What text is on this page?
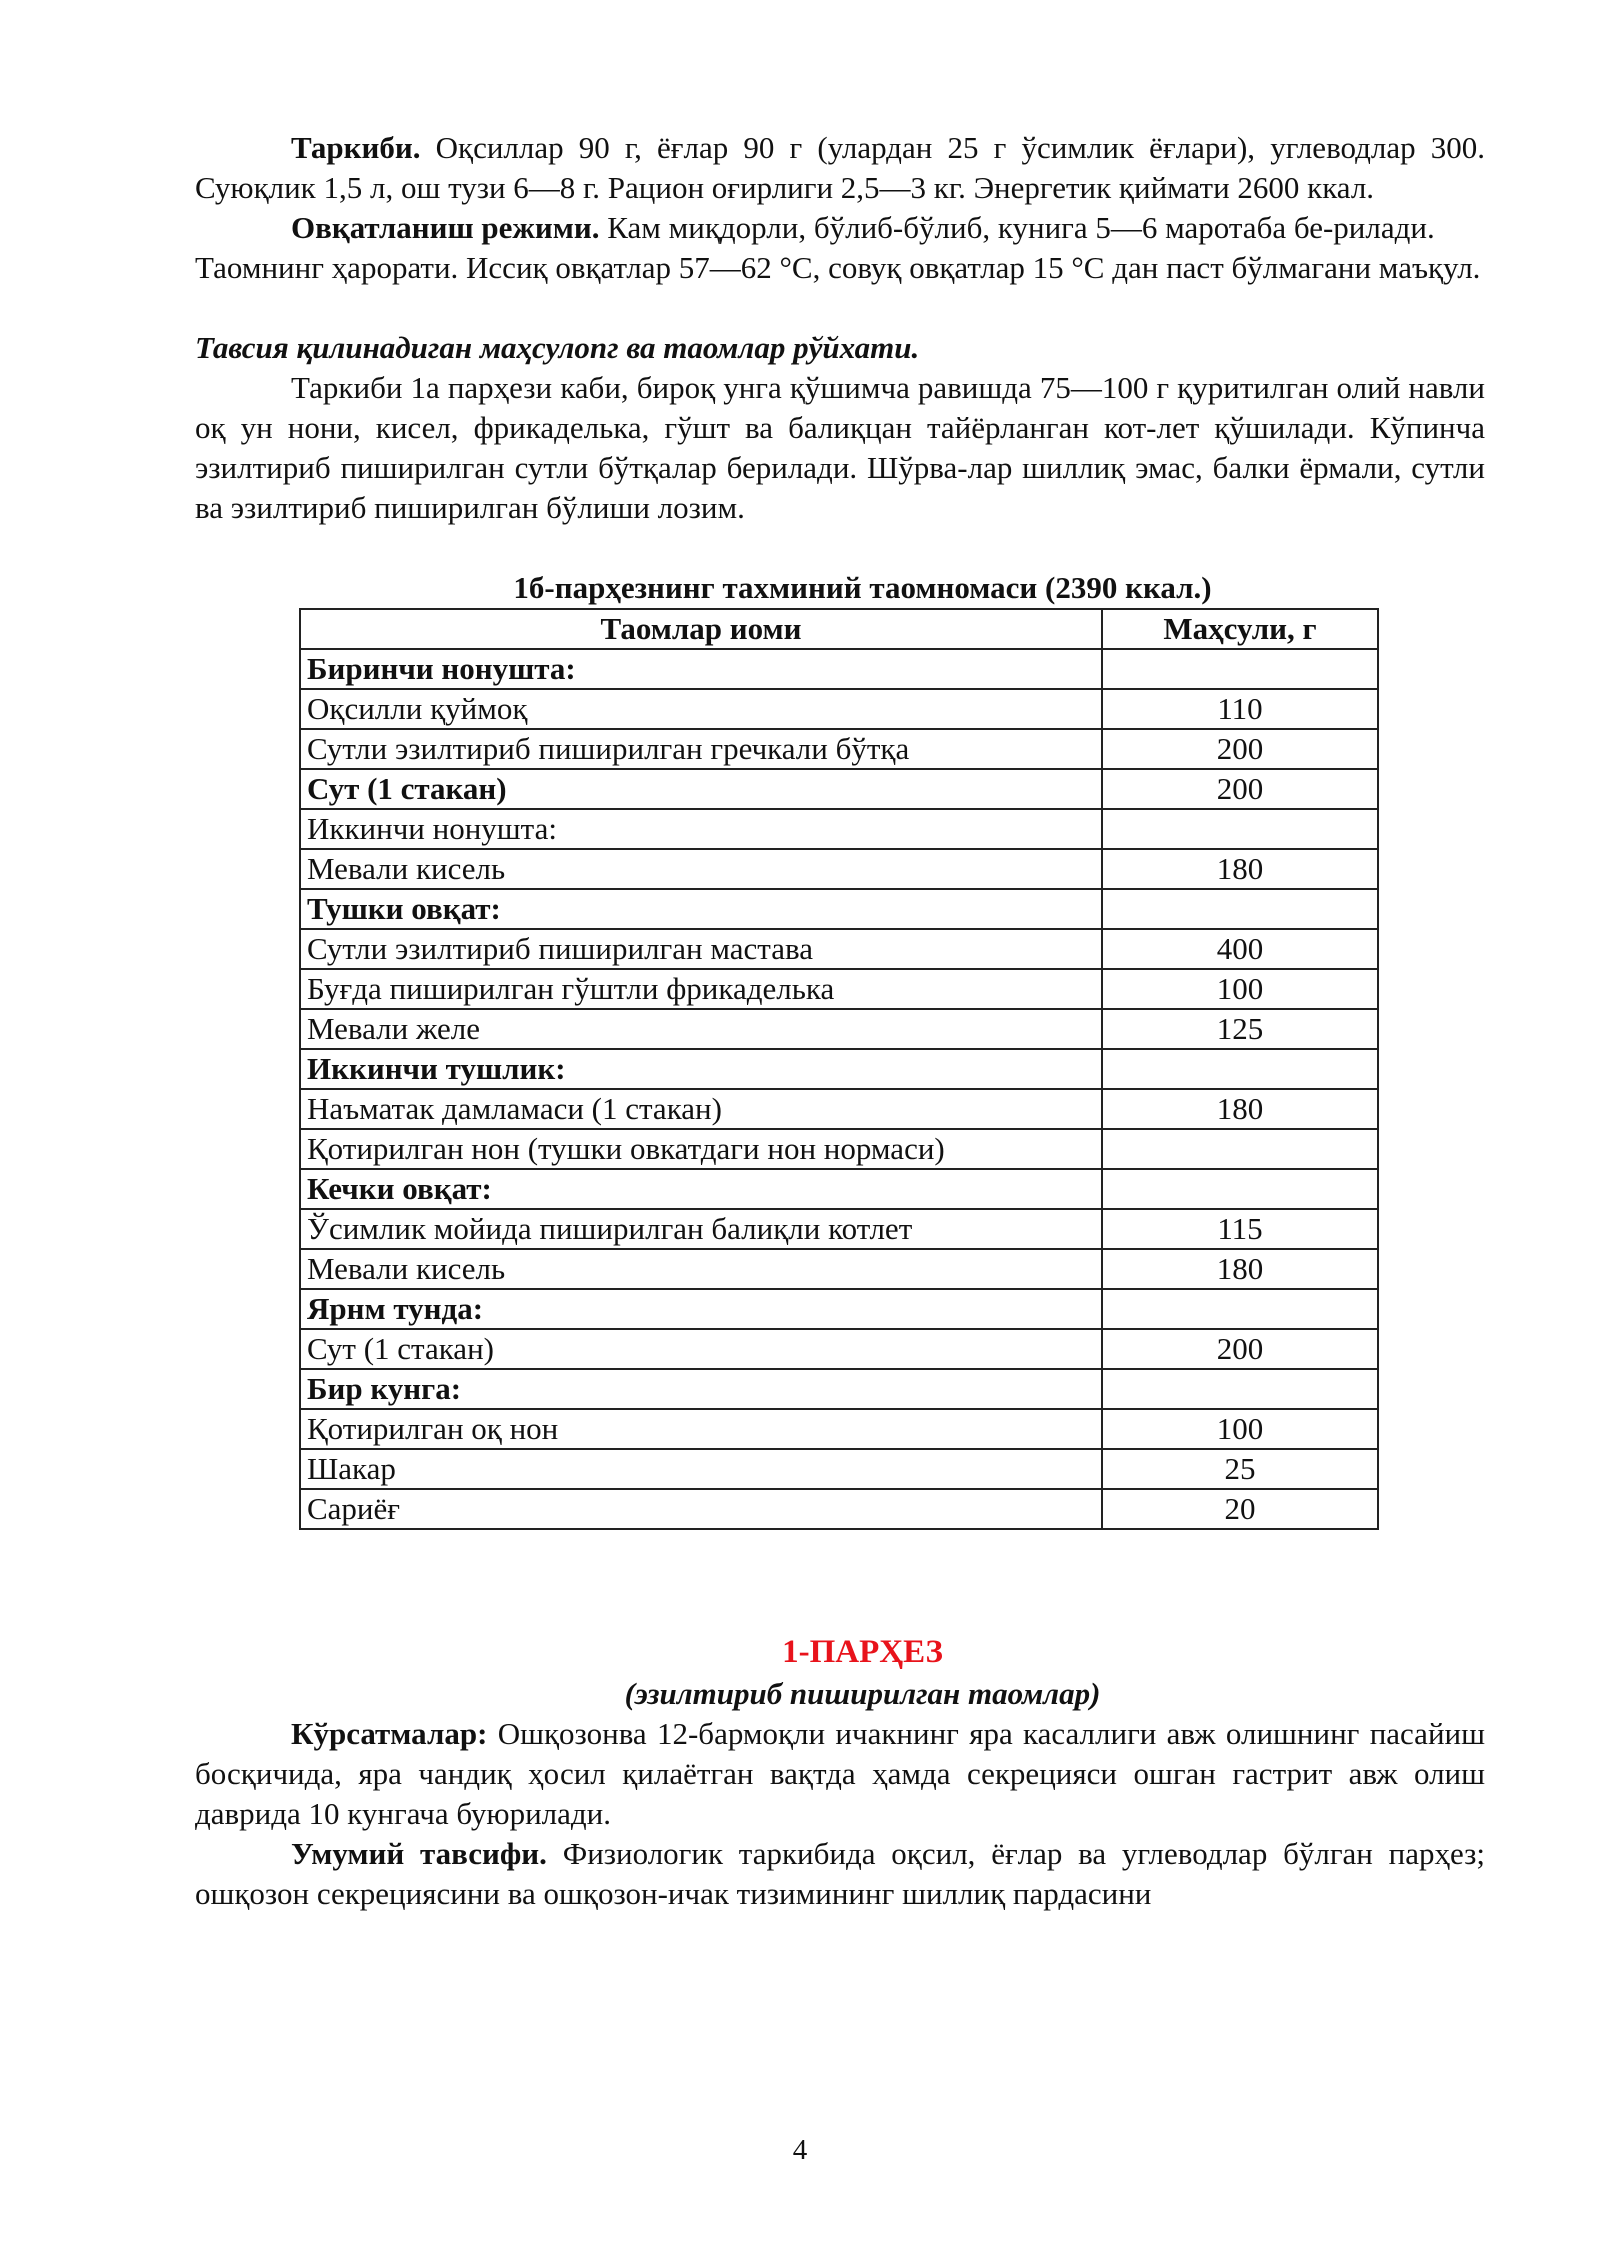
Таркиби. Оқсиллар 90 г, ёғлар 90 г (улардан 25 г ўсимлик ёғлари), углеводлар 300. Суюқлик 1,5 л, ош тузи 6—8 г. Рацион оғирлиги 2,5—3 кг. Энергетик қиймати 2600 ккал.

Овқатланиш режими. Кам миқдорли, бўлиб-бўлиб, кунига 5—6 маротаба бе-рилади.

Таомнинг ҳарорати. Иссиқ овқатлар 57—62 °С, совуқ овқатлар 15 °С дан паст бўлмагани маъқул.

Тавсия қилинадиган маҳсулопг ва таомлар рўйхати.

Таркиби 1а парҳези каби, бироқ унга қўшимча равишда 75—100 г қуритилган олий навли оқ ун нони, кисел, фрикаделька, гўшт ва балиқцан тайёрланган кот-лет қўшилади. Кўпинча эзилтириб пиширилган сутли бўтқалар берилади. Шўрва-лар шиллиқ эмас, балки ёрмали, сутли ва эзилтириб пиширилган бўлиши лозим.

1б-парҳезнинг тахминий таомномаси (2390 ккал.)
Таомлар иоми	Маҳсули, г
Биринчи нонушта:	
Оқсилли қуймоқ	110
Сутли эзилтириб пиширилган гречкали бўтқа	200
Сут (1 стакан)	200
Иккинчи нонушта:	
Мевали кисель	180
Тушки овқат:	
Сутли эзилтириб пиширилган мастава	400
Буғда пиширилган гўштли фрикаделька	100
Мевали желе	125
Иккинчи тушлик:	
Наъматак дамламаси (1 стакан)	180
Қотирилган нон (тушки овкатдаги нон нормаси)	
Кечки овқат:	
Ўсимлик мойида пиширилган балиқли котлет	115
Мевали кисель	180
Ярнм тунда:	
Сут (1 стакан)	200
Бир кунга:	
Қотирилган оқ нон	100
Шакар	25
Сариёғ	20
1-ПАРҲЕЗ
(эзилтириб пиширилган таомлар)

Кўрсатмалар: Ошқозонва 12-бармоқли ичакнинг яра касаллиги авж олишнинг пасайиш босқичида, яра чандиқ ҳосил қилаётган вақтда ҳамда секрецияси ошган гастрит авж олиш даврида 10 кунгача буюрилади.

Умумий тавсифи. Физиологик таркибида оқсил, ёғлар ва углеводлар бўлган парҳез; ошқозон секрециясини ва ошқозон-ичак тизимининг шиллиқ пардасини

4
